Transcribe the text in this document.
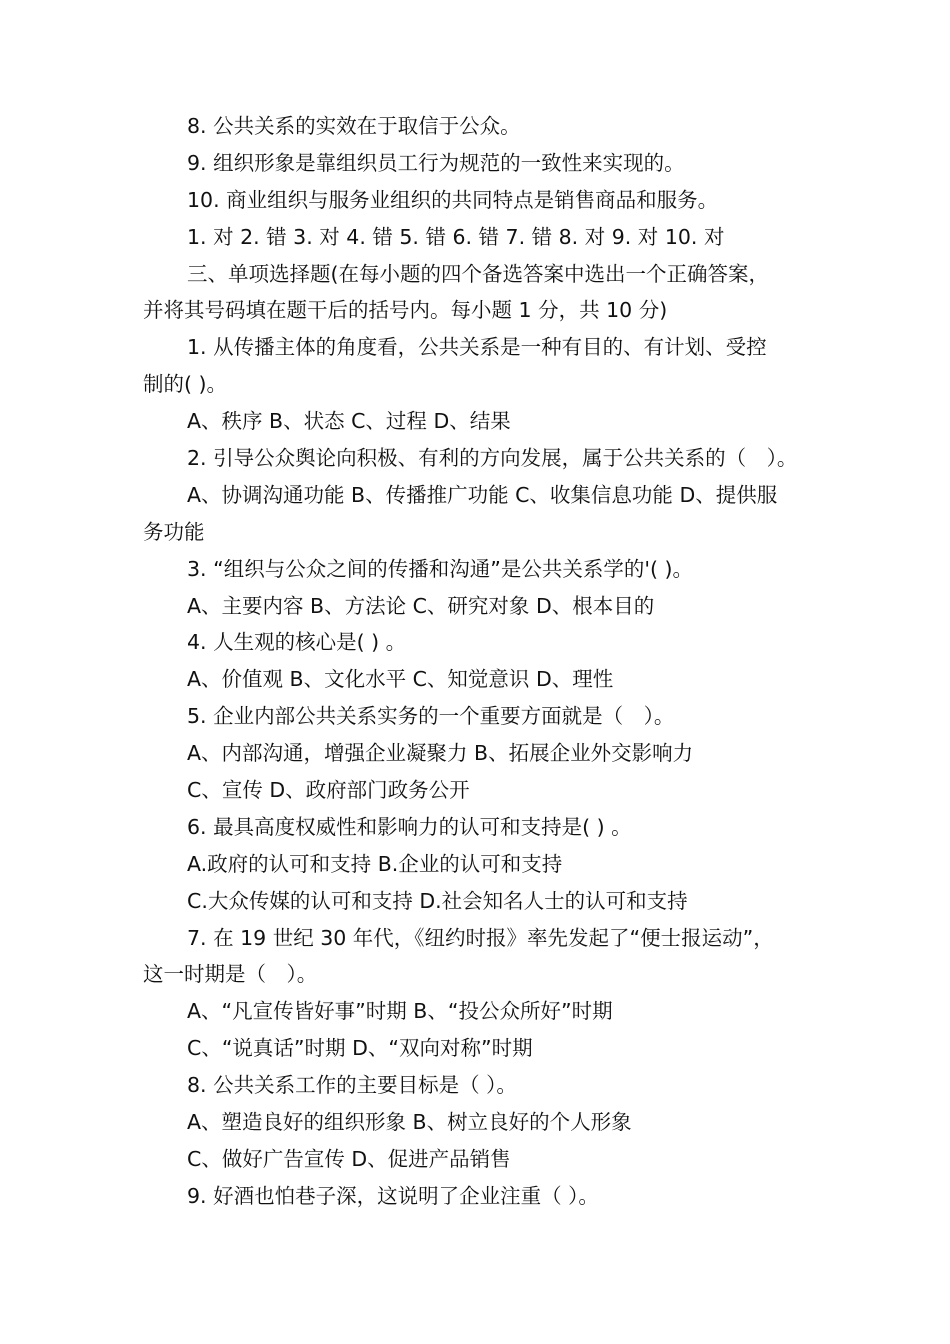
8. 公共关系的实效在于取信于公众。
9. 组织形象是靠组织员工行为规范的一致性来实现的。
10. 商业组织与服务业组织的共同特点是销售商品和服务。
1. 对 2. 错 3. 对 4. 错 5. 错 6. 错 7. 错 8. 对 9. 对 10. 对
三、单项选择题(在每小题的四个备选答案中选出一个正确答案，
并将其号码填在题干后的括号内。每小题 1 分，共 10 分)
1. 从传播主体的角度看，公共关系是一种有目的、有计划、受控
制的( )。
A、秩序 B、状态 C、过程 D、结果
2. 引导公众舆论向积极、有利的方向发展，属于公共关系的（　）。
A、协调沟通功能 B、传播推广功能 C、收集信息功能 D、提供服
务功能
3. “组织与公众之间的传播和沟通”是公共关系学的'( )。
A、主要内容 B、方法论 C、研究对象 D、根本目的
4. 人生观的核心是( ) 。
A、价值观 B、文化水平 C、知觉意识 D、理性
5. 企业内部公共关系实务的一个重要方面就是（　）。
A、内部沟通，增强企业凝聚力 B、拓展企业外交影响力
C、宣传 D、政府部门政务公开
6. 最具高度权威性和影响力的认可和支持是( ) 。
A.政府的认可和支持 B.企业的认可和支持
C.大众传媒的认可和支持 D.社会知名人士的认可和支持
7. 在 19 世纪 30 年代，《纽约时报》率先发起了“便士报运动”，
这一时期是（　）。
A、“凡宣传皆好事”时期 B、“投公众所好”时期
C、“说真话”时期 D、“双向对称”时期
8. 公共关系工作的主要目标是（ ）。
A、塑造良好的组织形象 B、树立良好的个人形象
C、做好广告宣传 D、促进产品销售
9. 好酒也怕巷子深，这说明了企业注重（ ）。
